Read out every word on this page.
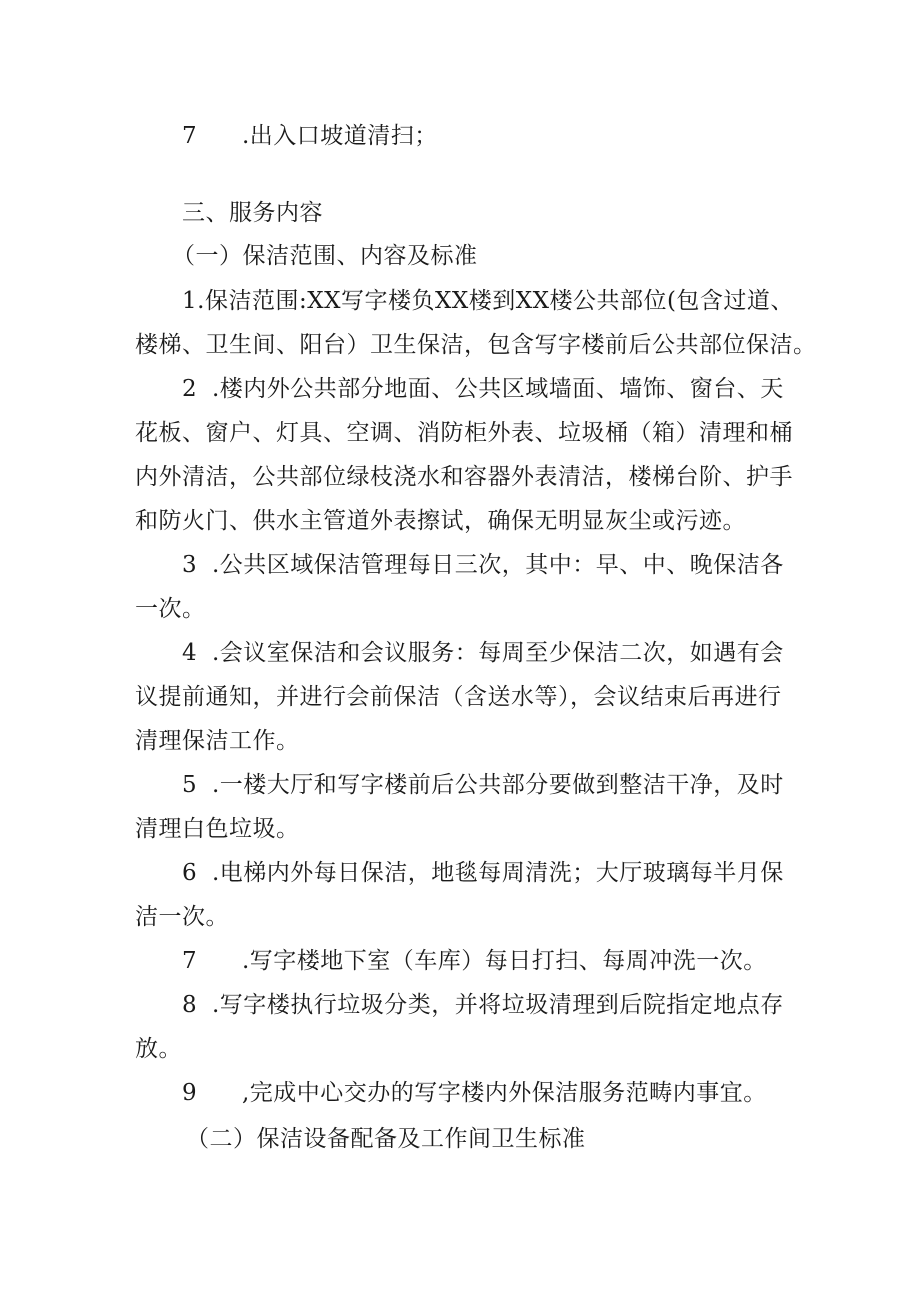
7 .出入口坡道清扫；
三、服务内容
（一）保洁范围、内容及标准
1.保洁范围:XX写字楼负XX楼到XX楼公共部位(包含过道、
楼梯、卫生间、阳台）卫生保洁，包含写字楼前后公共部位保洁。
2 .楼内外公共部分地面、公共区域墙面、墙饰、窗台、天
花板、窗户、灯具、空调、消防柜外表、垃圾桶（箱）清理和桶
内外清洁，公共部位绿枝浇水和容器外表清洁，楼梯台阶、护手
和防火门、供水主管道外表擦试，确保无明显灰尘或污迹。
3 .公共区域保洁管理每日三次，其中：早、中、晚保洁各
一次。
4 .会议室保洁和会议服务：每周至少保洁二次，如遇有会
议提前通知，并进行会前保洁（含送水等），会议结束后再进行
清理保洁工作。
5 .一楼大厅和写字楼前后公共部分要做到整洁干净，及时
清理白色垃圾。
6 .电梯内外每日保洁，地毯每周清洗；大厅玻璃每半月保
洁一次。
7 .写字楼地下室（车库）每日打扫、每周冲洗一次。
8 .写字楼执行垃圾分类，并将垃圾清理到后院指定地点存
放。
9 ,完成中心交办的写字楼内外保洁服务范畴内事宜。
（二）保洁设备配备及工作间卫生标准
